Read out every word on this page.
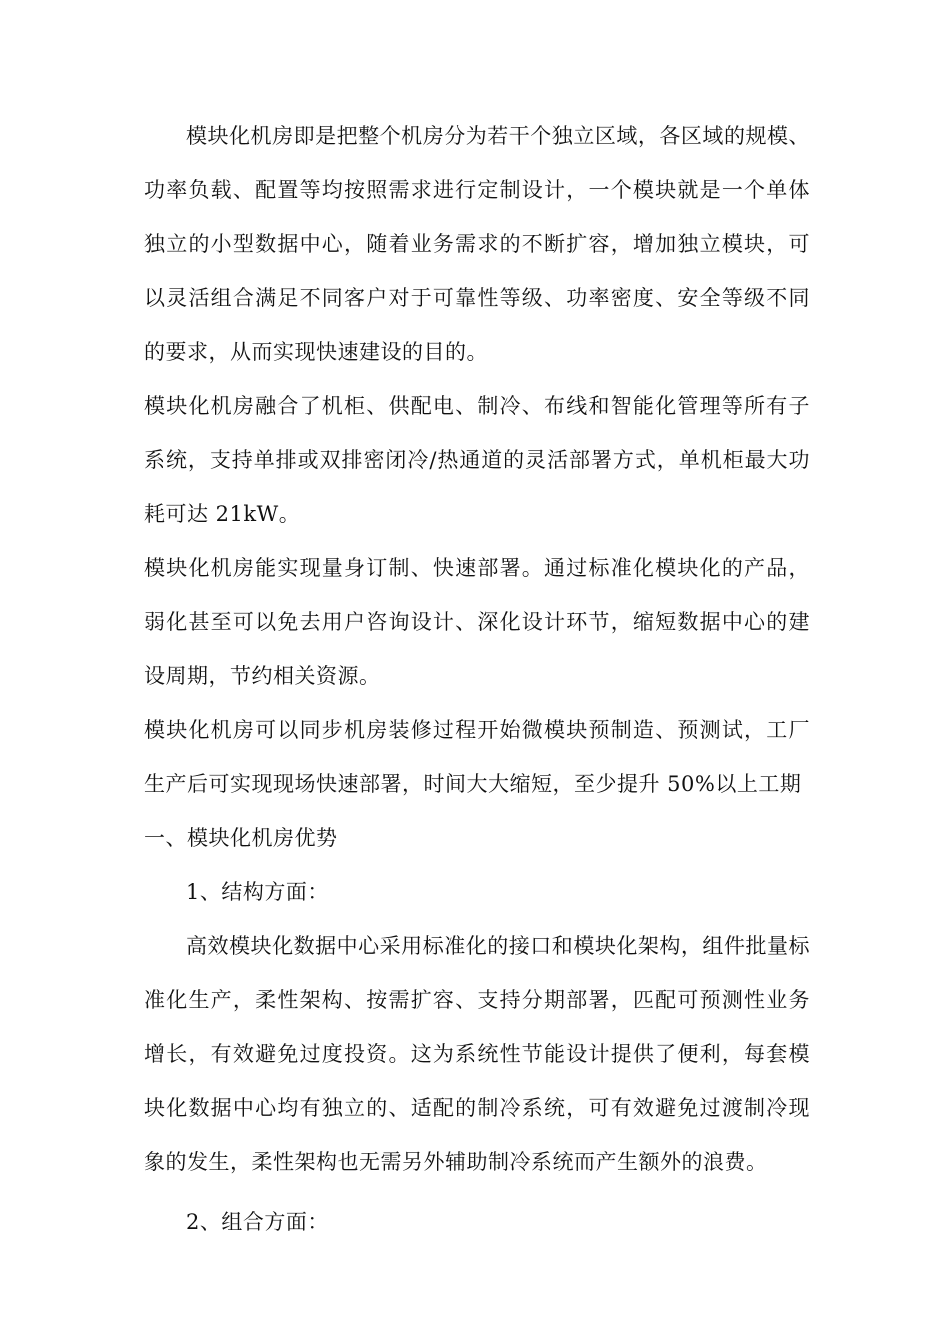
模块化机房即是把整个机房分为若干个独立区域，各区域的规模、功率负载、配置等均按照需求进行定制设计，一个模块就是一个单体独立的小型数据中心，随着业务需求的不断扩容，增加独立模块，可以灵活组合满足不同客户对于可靠性等级、功率密度、安全等级不同的要求，从而实现快速建设的目的。

模块化机房融合了机柜、供配电、制冷、布线和智能化管理等所有子系统，支持单排或双排密闭冷/热通道的灵活部署方式，单机柜最大功耗可达 21kW。

模块化机房能实现量身订制、快速部署。通过标准化模块化的产品，弱化甚至可以免去用户咨询设计、深化设计环节，缩短数据中心的建设周期，节约相关资源。

模块化机房可以同步机房装修过程开始微模块预制造、预测试，工厂生产后可实现现场快速部署，时间大大缩短，至少提升 50%以上工期

一、模块化机房优势
1、结构方面：

高效模块化数据中心采用标准化的接口和模块化架构，组件批量标准化生产，柔性架构、按需扩容、支持分期部署，匹配可预测性业务增长，有效避免过度投资。这为系统性节能设计提供了便利，每套模块化数据中心均有独立的、适配的制冷系统，可有效避免过渡制冷现象的发生，柔性架构也无需另外辅助制冷系统而产生额外的浪费。

2、组合方面：
